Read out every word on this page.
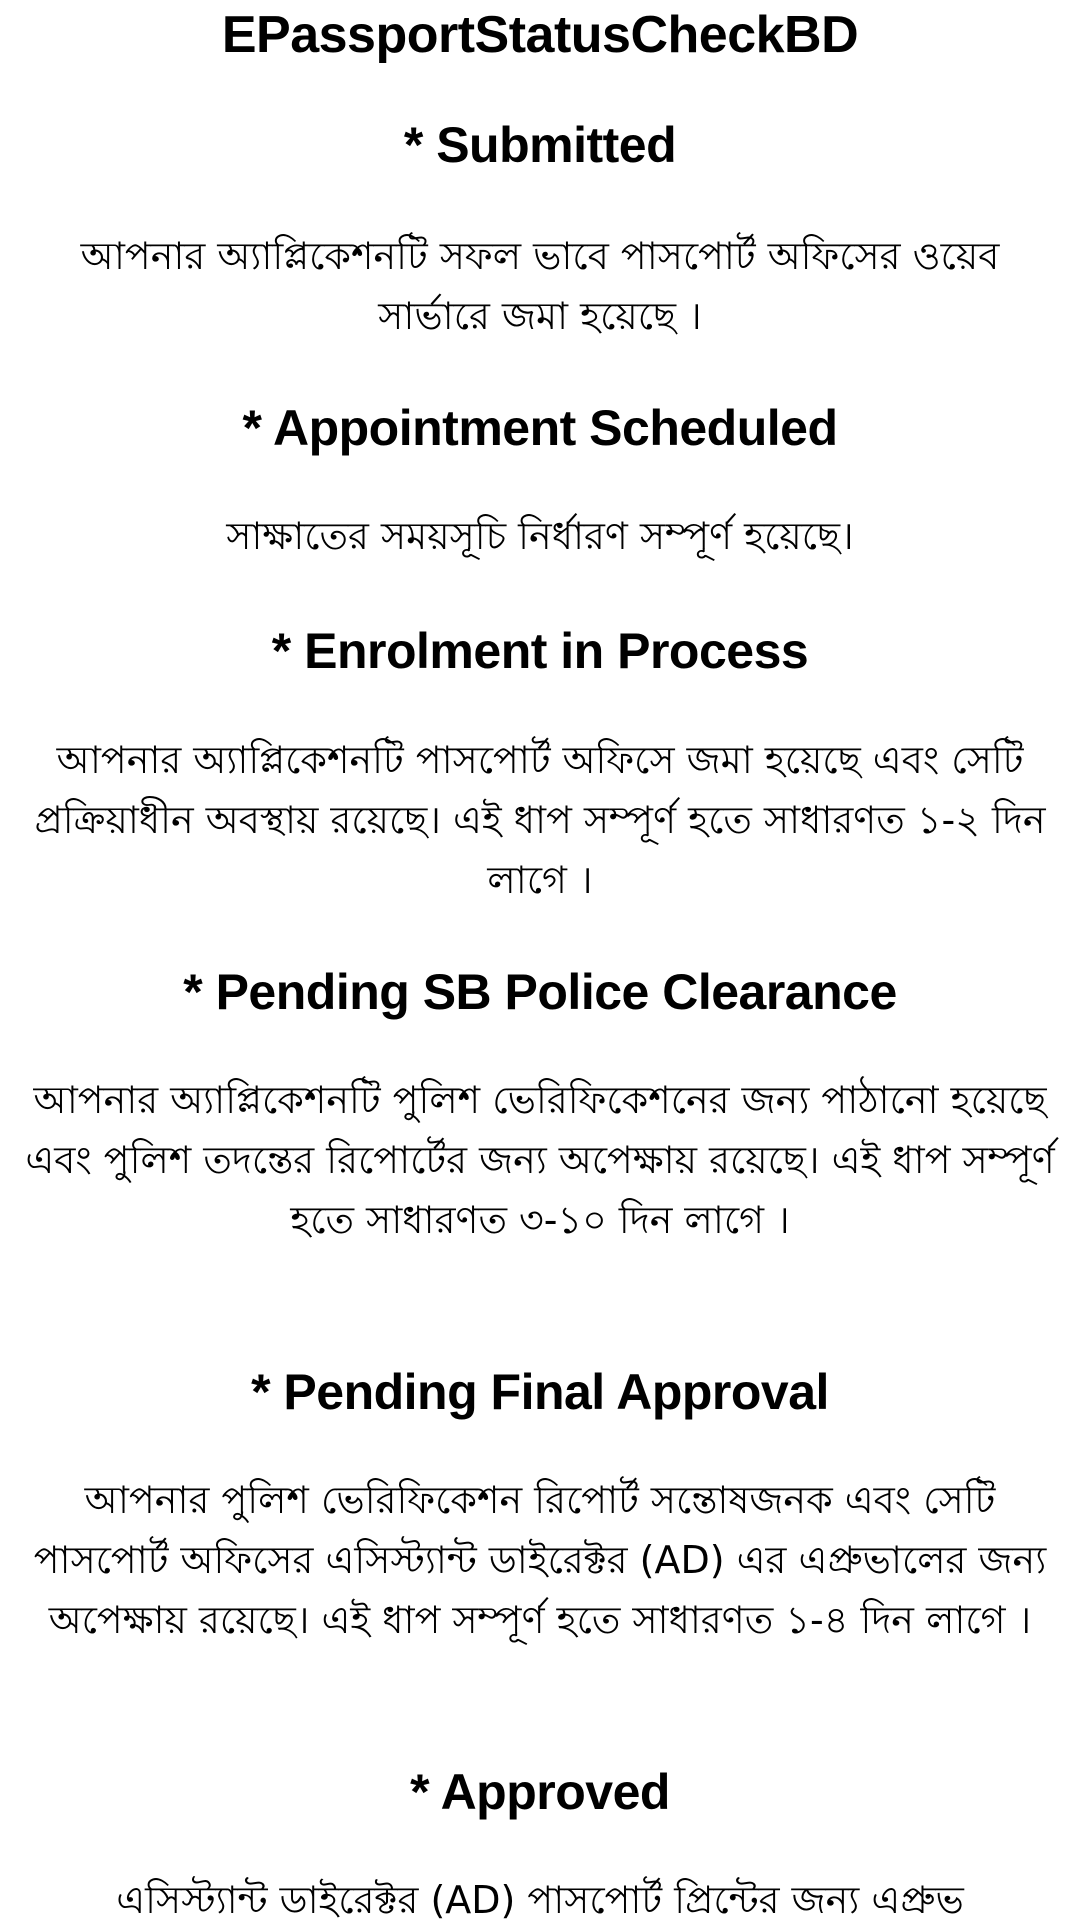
EPassportStatusCheckBD
* Submitted
আপনার অ্যাপ্লিকেশনটি সফল ভাবে পাসপোর্ট অফিসের ওয়েব সার্ভারে জমা হয়েছে ।
* Appointment Scheduled
সাক্ষাতের সময়সূচি নির্ধারণ সম্পূর্ণ হয়েছে।
* Enrolment in Process
আপনার অ্যাপ্লিকেশনটি পাসপোর্ট অফিসে জমা হয়েছে এবং সেটি প্রক্রিয়াধীন অবস্থায় রয়েছে। এই ধাপ সম্পূর্ণ হতে সাধারণত ১-২ দিন লাগে ।
* Pending SB Police Clearance
আপনার অ্যাপ্লিকেশনটি পুলিশ ভেরিফিকেশনের জন্য পাঠানো হয়েছে এবং পুলিশ তদন্তের রিপোর্টের জন্য অপেক্ষায় রয়েছে। এই ধাপ সম্পূর্ণ হতে সাধারণত ৩-১০ দিন লাগে ।
* Pending Final Approval
আপনার পুলিশ ভেরিফিকেশন রিপোর্ট সন্তোষজনক এবং সেটি পাসপোর্ট অফিসের এসিস্ট্যান্ট ডাইরেক্টর (AD) এর এপ্রুভালের জন্য অপেক্ষায় রয়েছে। এই ধাপ সম্পূর্ণ হতে সাধারণত ১-৪ দিন লাগে ।
* Approved
এসিস্ট্যান্ট ডাইরেক্টর (AD) পাসপোর্ট প্রিন্টের জন্য এপ্রুভ
